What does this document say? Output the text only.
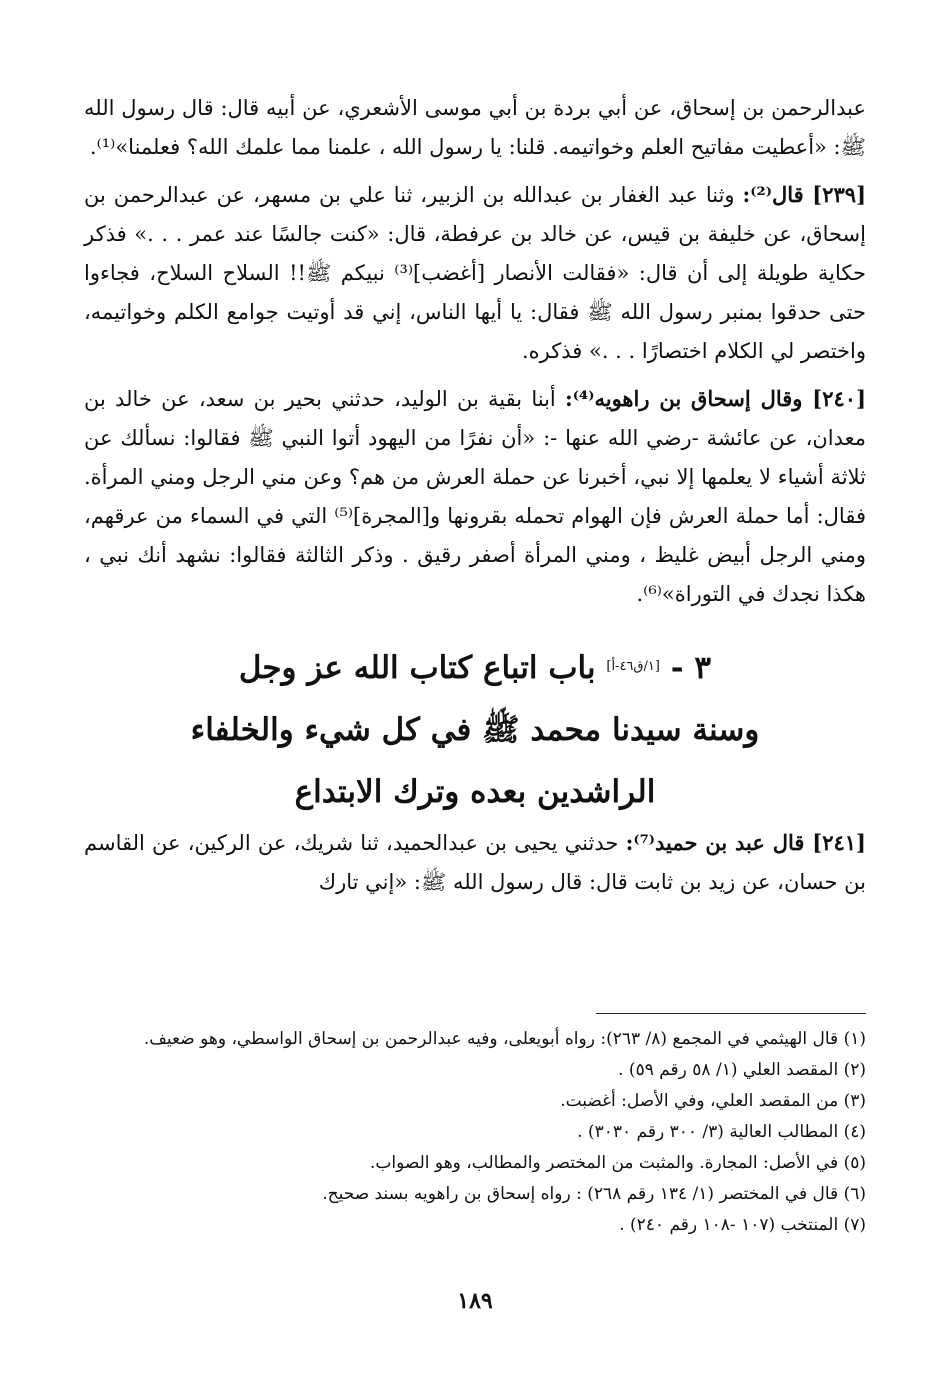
عبدالرحمن بن إسحاق، عن أبي بردة بن أبي موسى الأشعري، عن أبيه قال: قال رسول الله ﷺ: «أعطيت مفاتيح العلم وخواتيمه. قلنا: يا رسول الله ، علمنا مما علمك الله؟ فعلمنا»⁽¹⁾.

[٢٣٩] قال⁽²⁾: وثنا عبد الغفار بن عبدالله بن الزبير، ثنا علي بن مسهر، عن عبدالرحمن بن إسحاق، عن خليفة بن قيس، عن خالد بن عرفطة، قال: «كنت جالسًا عند عمر . . .» فذكر حكاية طويلة إلى أن قال: «فقالت الأنصار [أغضب]⁽³⁾ نبيكم ﷺ!! السلاح السلاح، فجاءوا حتى حدقوا بمنبر رسول الله ﷺ فقال: يا أيها الناس، إني قد أوتيت جوامع الكلم وخواتيمه، واختصر لي الكلام اختصارًا . . .» فذكره.

[٢٤٠] وقال إسحاق بن راهويه⁽⁴⁾: أبنا بقية بن الوليد، حدثني بحير بن سعد، عن خالد بن معدان، عن عائشة -رضي الله عنها -: «أن نفرًا من اليهود أتوا النبي ﷺ فقالوا: نسألك عن ثلاثة أشياء لا يعلمها إلا نبي، أخبرنا عن حملة العرش من هم؟ وعن مني الرجل ومني المرأة. فقال: أما حملة العرش فإن الهوام تحمله بقرونها و[المجرة]⁽⁵⁾ التي في السماء من عرقهم، ومني الرجل أبيض غليظ ، ومني المرأة أصفر رقيق . وذكر الثالثة فقالوا: نشهد أنك نبي ، هكذا نجدك في التوراة»⁽⁶⁾.

٣ - [١/ق٤٦-أ] باب اتباع كتاب الله عز وجل
وسنة سيدنا محمد ﷺ في كل شيء والخلفاء
الراشدين بعده وترك الابتداع

[٢٤١] قال عبد بن حميد⁽⁷⁾: حدثني يحيى بن عبدالحميد، ثنا شريك، عن الركين، عن القاسم بن حسان، عن زيد بن ثابت قال: قال رسول الله ﷺ: «إني تارك

(١) قال الهيثمي في المجمع (٨/ ٢٦٣): رواه أبويعلى، وفيه عبدالرحمن بن إسحاق الواسطي، وهو ضعيف.

(٢) المقصد العلي (١/ ٥٨ رقم ٥٩) .

(٣) من المقصد العلي، وفي الأصل: أغضبت.

(٤) المطالب العالية (٣/ ٣٠٠ رقم ٣٠٣٠) .

(٥) في الأصل: المجارة. والمثبت من المختصر والمطالب، وهو الصواب.

(٦) قال في المختصر (١/ ١٣٤ رقم ٢٦٨) : رواه إسحاق بن راهويه بسند صحيح.

(٧) المنتخب (١٠٧ -١٠٨ رقم ٢٤٠) .

١٨٩
